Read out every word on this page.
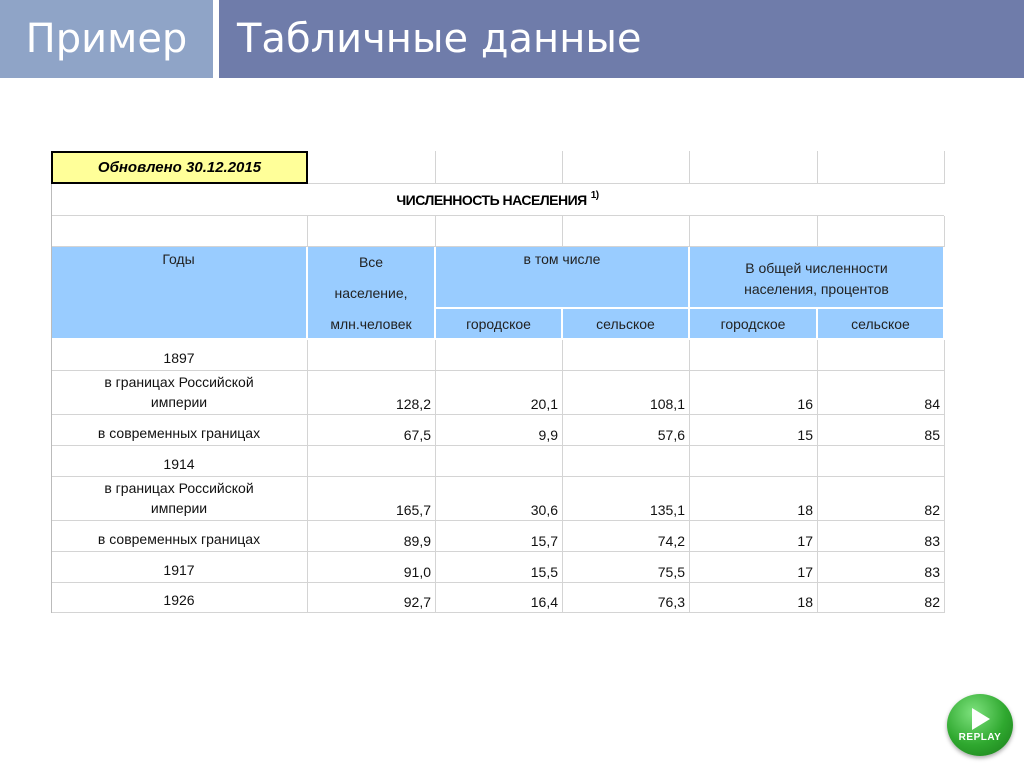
Пример	Табличные данные
Годы	Все
население,
млн.человек
в том числе
В общей численности
населения, процентов
городское	сельское	городское	сельское
1897
в границах Российской империи	128,2	20,1	108,1	16	84
в современных границах	67,5	9,9	57,6	15	85
1914
в границах Российской империи	165,7	30,6	135,1	18	82
в современных границах	89,9	15,7	74,2	17	83
1917	91,0	15,5	75,5	17	83
1926	92,7	16,4	76,3	18	82
Обновлено 30.12.2015
ЧИСЛЕННОСТЬ НАСЕЛЕНИЯ $^{1)}$
REPLAY
